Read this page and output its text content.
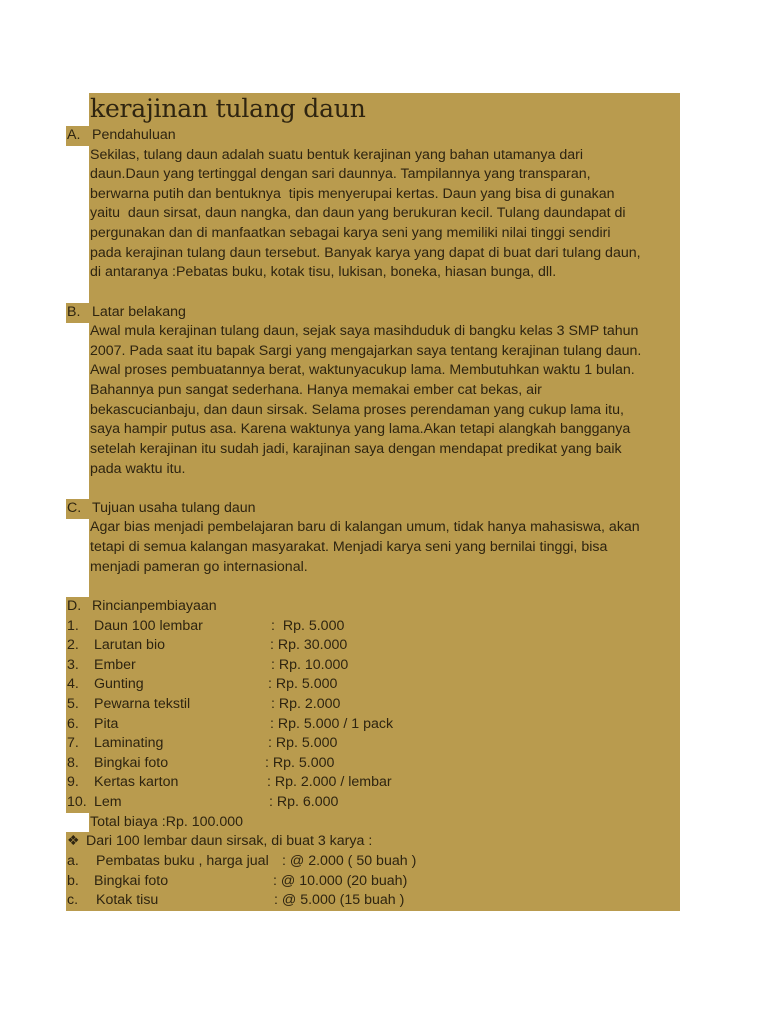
kerajinan tulang daun
A. Pendahuluan
Sekilas, tulang daun adalah suatu bentuk kerajinan yang bahan utamanya dari
daun.Daun yang tertinggal dengan sari daunnya. Tampilannya yang transparan,
berwarna putih dan bentuknya  tipis menyerupai kertas. Daun yang bisa di gunakan
yaitu  daun sirsat, daun nangka, dan daun yang berukuran kecil. Tulang daundapat di
pergunakan dan di manfaatkan sebagai karya seni yang memiliki nilai tinggi sendiri
pada kerajinan tulang daun tersebut. Banyak karya yang dapat di buat dari tulang daun,
di antaranya :Pebatas buku, kotak tisu, lukisan, boneka, hiasan bunga, dll.
B. Latar belakang
Awal mula kerajinan tulang daun, sejak saya masihduduk di bangku kelas 3 SMP tahun
2007. Pada saat itu bapak Sargi yang mengajarkan saya tentang kerajinan tulang daun.
Awal proses pembuatannya berat, waktunyacukup lama. Membutuhkan waktu 1 bulan.
Bahannya pun sangat sederhana. Hanya memakai ember cat bekas, air
bekascucianbaju, dan daun sirsak. Selama proses perendaman yang cukup lama itu,
saya hampir putus asa. Karena waktunya yang lama.Akan tetapi alangkah bangganya
setelah kerajinan itu sudah jadi, karajinan saya dengan mendapat predikat yang baik
pada waktu itu.
C. Tujuan usaha tulang daun
Agar bias menjadi pembelajaran baru di kalangan umum, tidak hanya mahasiswa, akan
tetapi di semua kalangan masyarakat. Menjadi karya seni yang bernilai tinggi, bisa
menjadi pameran go internasional.
D. Rincianpembiayaan
1. Daun 100 lembar	:  Rp. 5.000
2. Larutan bio	: Rp. 30.000
3. Ember	: Rp. 10.000
4. Gunting	: Rp. 5.000
5. Pewarna tekstil	: Rp. 2.000
6. Pita	: Rp. 5.000 / 1 pack
7. Laminating	: Rp. 5.000
8. Bingkai foto	: Rp. 5.000
9. Kertas karton	: Rp. 2.000 / lembar
10. Lem	: Rp. 6.000
Total biaya :Rp. 100.000
❖ Dari 100 lembar daun sirsak, di buat 3 karya :
a. Pembatas buku , harga jual : @ 2.000 ( 50 buah )
b. Bingkai foto	: @ 10.000 (20 buah)
c. Kotak tisu	: @ 5.000 (15 buah )
